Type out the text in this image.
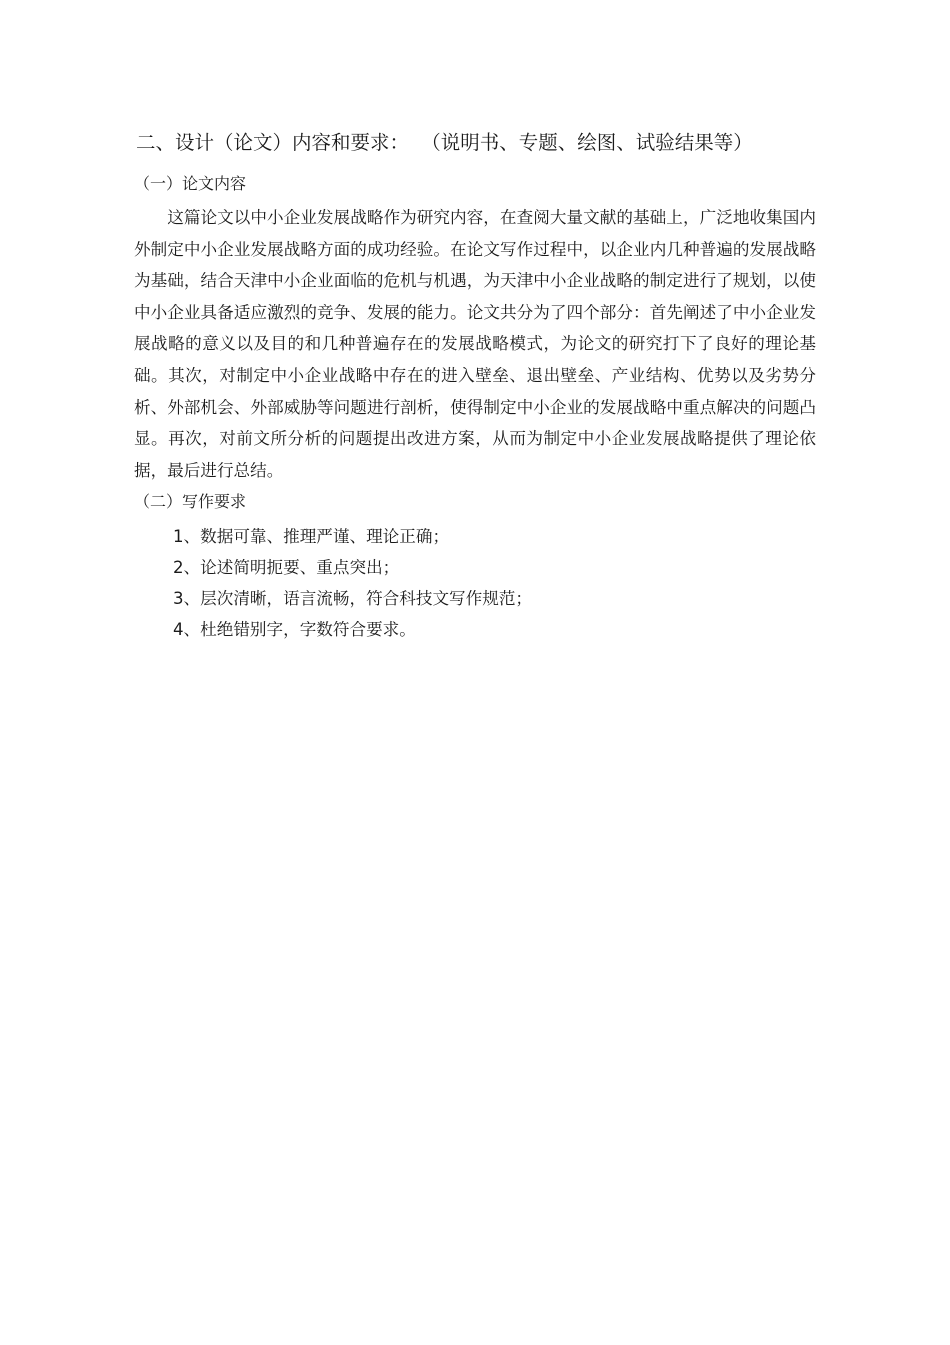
二、设计（论文）内容和要求： （说明书、专题、绘图、试验结果等）
（一）论文内容

这篇论文以中小企业发展战略作为研究内容，在查阅大量文献的基础上，广泛地收集国内外制定中小企业发展战略方面的成功经验。在论文写作过程中，以企业内几种普遍的发展战略为基础，结合天津中小企业面临的危机与机遇，为天津中小企业战略的制定进行了规划，以使中小企业具备适应激烈的竞争、发展的能力。论文共分为了四个部分：首先阐述了中小企业发展战略的意义以及目的和几种普遍存在的发展战略模式，为论文的研究打下了良好的理论基础。其次，对制定中小企业战略中存在的进入壁垒、退出壁垒、产业结构、优势以及劣势分析、外部机会、外部威胁等问题进行剖析，使得制定中小企业的发展战略中重点解决的问题凸显。再次，对前文所分析的问题提出改进方案，从而为制定中小企业发展战略提供了理论依据，最后进行总结。

（二）写作要求
1、数据可靠、推理严谨、理论正确；
2、论述简明扼要、重点突出；
3、层次清晰，语言流畅，符合科技文写作规范；
4、杜绝错别字，字数符合要求。
